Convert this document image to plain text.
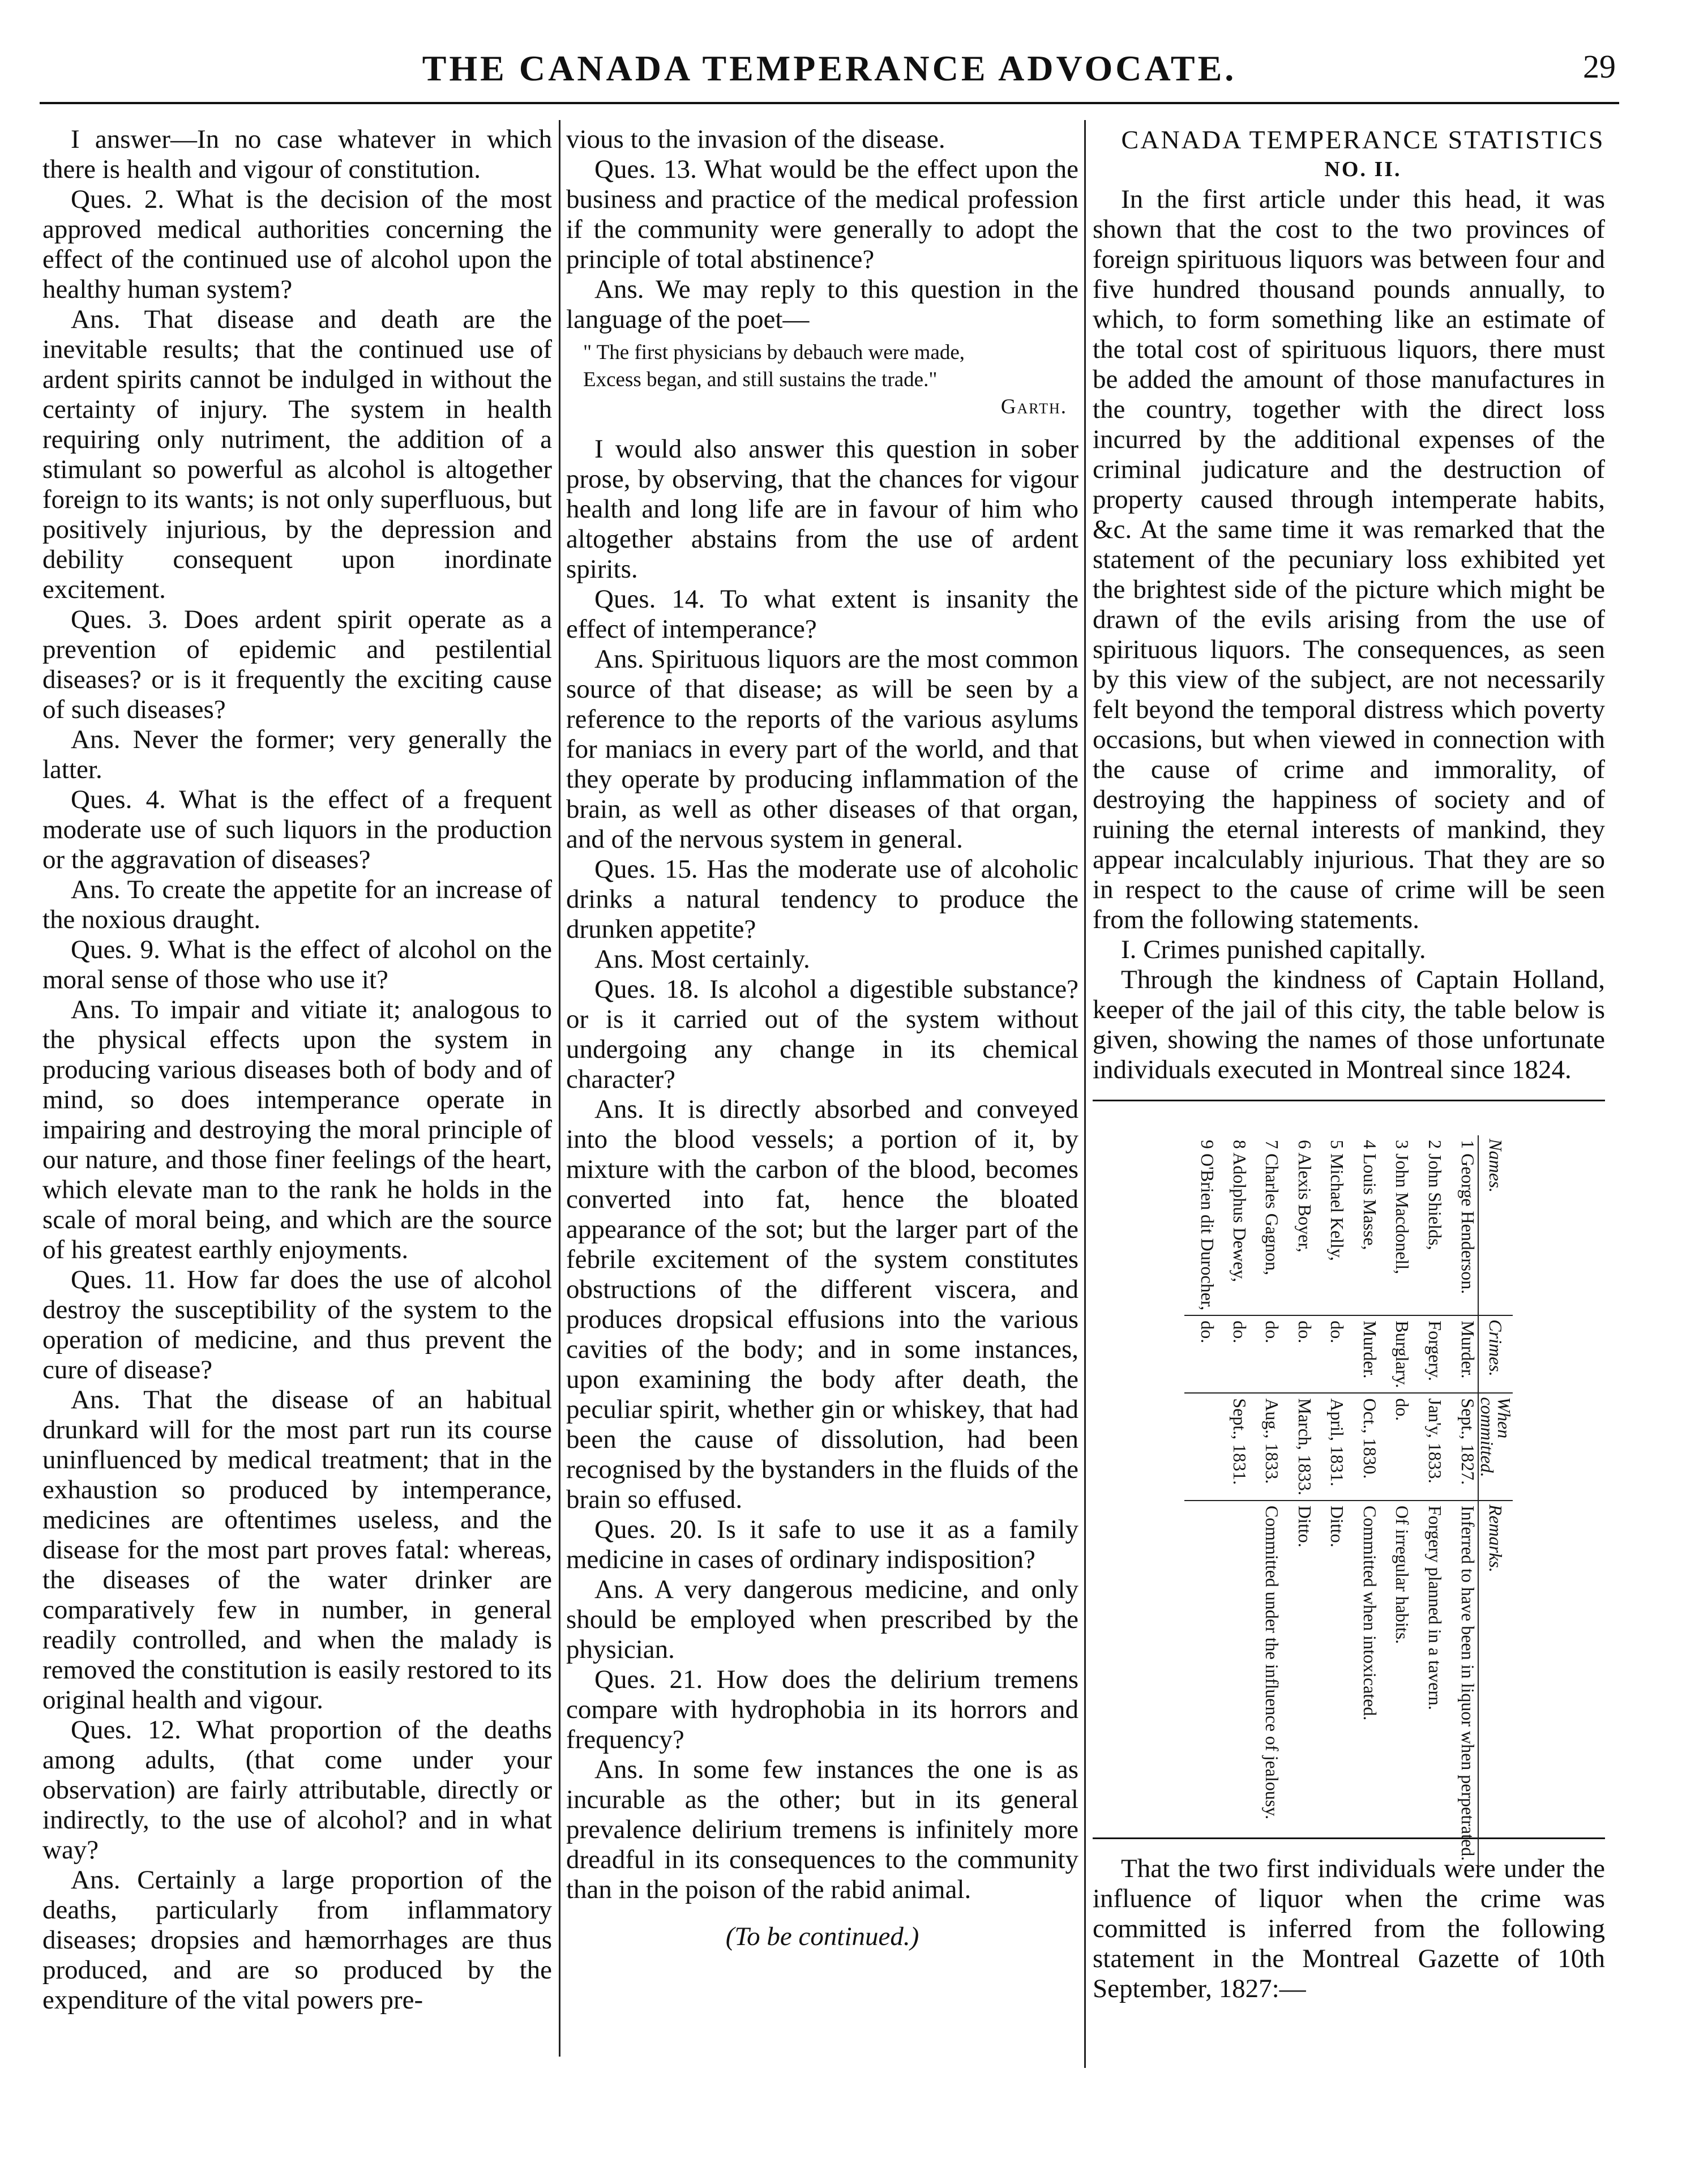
THE CANADA TEMPERANCE ADVOCATE.	29

I answer—In no case whatever in which there is health and vigour of constitution.

Ques. 2. What is the decision of the most approved medical authorities concerning the effect of the continued use of alcohol upon the healthy human system?

Ans. That disease and death are the inevitable results; that the continued use of ardent spirits cannot be indulged in without the certainty of injury. The system in health requiring only nutriment, the addition of a stimulant so powerful as alcohol is altogether foreign to its wants; is not only superfluous, but positively injurious, by the depression and debility consequent upon inordinate excitement.

Ques. 3. Does ardent spirit operate as a prevention of epidemic and pestilential diseases? or is it frequently the exciting cause of such diseases?

Ans. Never the former; very generally the latter.

Ques. 4. What is the effect of a frequent moderate use of such liquors in the production or the aggravation of diseases?

Ans. To create the appetite for an increase of the noxious draught.

Ques. 9. What is the effect of alcohol on the moral sense of those who use it?

Ans. To impair and vitiate it; analogous to the physical effects upon the system in producing various diseases both of body and of mind, so does intemperance operate in impairing and destroying the moral principle of our nature, and those finer feelings of the heart, which elevate man to the rank he holds in the scale of moral being, and which are the source of his greatest earthly enjoyments.

Ques. 11. How far does the use of alcohol destroy the susceptibility of the system to the operation of medicine, and thus prevent the cure of disease?

Ans. That the disease of an habitual drunkard will for the most part run its course uninfluenced by medical treatment; that in the exhaustion so produced by intemperance, medicines are oftentimes useless, and the disease for the most part proves fatal: whereas, the diseases of the water drinker are comparatively few in number, in general readily controlled, and when the malady is removed the constitution is easily restored to its original health and vigour.

Ques. 12. What proportion of the deaths among adults, (that come under your observation) are fairly attributable, directly or indirectly, to the use of alcohol? and in what way?

Ans. Certainly a large proportion of the deaths, particularly from inflammatory diseases; dropsies and hæmorrhages are thus produced, and are so produced by the expenditure of the vital powers pre-

vious to the invasion of the disease.

Ques. 13. What would be the effect upon the business and practice of the medical profession if the community were generally to adopt the principle of total abstinence?

Ans. We may reply to this question in the language of the poet—

" The first physicians by debauch were made,
Excess began, and still sustains the trade."
Garth.

I would also answer this question in sober prose, by observing, that the chances for vigour health and long life are in favour of him who altogether abstains from the use of ardent spirits.

Ques. 14. To what extent is insanity the effect of intemperance?

Ans. Spirituous liquors are the most common source of that disease; as will be seen by a reference to the reports of the various asylums for maniacs in every part of the world, and that they operate by producing inflammation of the brain, as well as other diseases of that organ, and of the nervous system in general.

Ques. 15. Has the moderate use of alcoholic drinks a natural tendency to produce the drunken appetite?

Ans. Most certainly.

Ques. 18. Is alcohol a digestible substance? or is it carried out of the system without undergoing any change in its chemical character?

Ans. It is directly absorbed and conveyed into the blood vessels; a portion of it, by mixture with the carbon of the blood, becomes converted into fat, hence the bloated appearance of the sot; but the larger part of the febrile excitement of the system constitutes obstructions of the different viscera, and produces dropsical effusions into the various cavities of the body; and in some instances, upon examining the body after death, the peculiar spirit, whether gin or whiskey, that had been the cause of dissolution, had been recognised by the bystanders in the fluids of the brain so effused.

Ques. 20. Is it safe to use it as a family medicine in cases of ordinary indisposition?

Ans. A very dangerous medicine, and only should be employed when prescribed by the physician.

Ques. 21. How does the delirium tremens compare with hydrophobia in its horrors and frequency?

Ans. In some few instances the one is as incurable as the other; but in its general prevalence delirium tremens is infinitely more dreadful in its consequences to the community than in the poison of the rabid animal.

(To be continued.)

CANADA TEMPERANCE STATISTICS

NO. II.

In the first article under this head, it was shown that the cost to the two provinces of foreign spirituous liquors was between four and five hundred thousand pounds annually, to which, to form something like an estimate of the total cost of spirituous liquors, there must be added the amount of those manufactures in the country, together with the direct loss incurred by the additional expenses of the criminal judicature and the destruction of property caused through intemperate habits, &c. At the same time it was remarked that the statement of the pecuniary loss exhibited yet the brightest side of the picture which might be drawn of the evils arising from the use of spirituous liquors. The consequences, as seen by this view of the subject, are not necessarily felt beyond the temporal distress which poverty occasions, but when viewed in connection with the cause of crime and immorality, of destroying the happiness of society and of ruining the eternal interests of mankind, they appear incalculably injurious. That they are so in respect to the cause of crime will be seen from the following statements.

I. Crimes punished capitally.

Through the kindness of Captain Holland, keeper of the jail of this city, the table below is given, showing the names of those unfortunate individuals executed in Montreal since 1824.

Names.	Crimes.	When committed.	Remarks.
1 George Henderson.	Murder.	Sept., 1827.	Inferred to have been in liquor when perpetrated.
2 John Shields,	Forgery.	Jan'y, 1833.	Forgery planned in a tavern.
3 John Macdonell,	Burglary.	do.	Of irregular habits.
4 Louis Masse,	Murder.	Oct., 1830.	Committed when intoxicated.
5 Michael Kelly,	do.	April, 1831.	Ditto.
6 Alexis Boyer,	do.	March, 1833.	Ditto.
7 Charles Gagnon,	do.	Aug., 1833.	Committed under the influence of jealousy.
8 Adolphus Dewey,	do.	Sept., 1831.	
9 O'Brien dit Durocher,	do.		

That the two first individuals were under the influence of liquor when the crime was committed is inferred from the following statement in the Montreal Gazette of 10th September, 1827:—
